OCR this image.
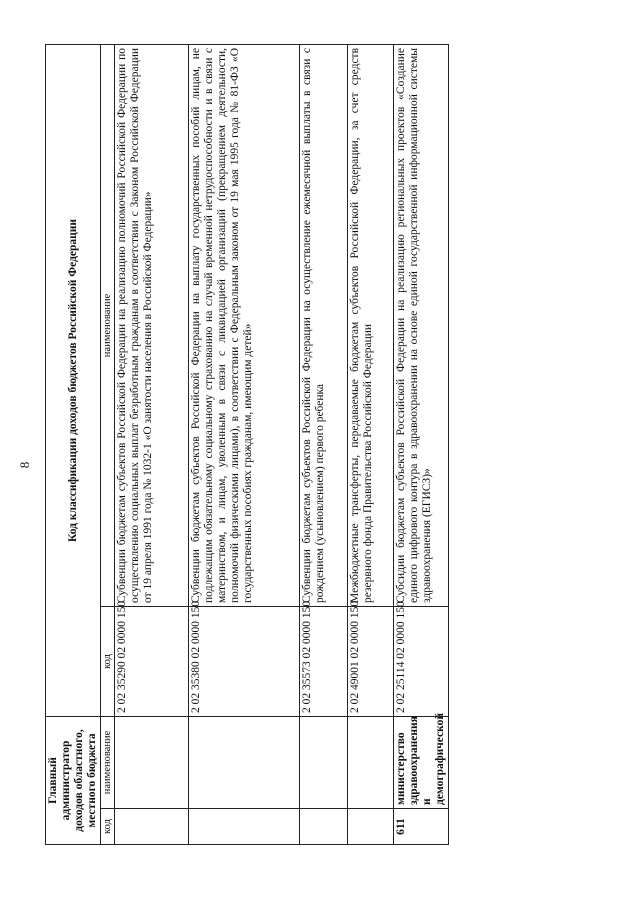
8
Главный администратор доходов областного, местного бюджета		Код классификации доходов бюджетов Российской Федерации	
код	наименование	код	наименование
		2 02 35290 02 0000 150	Субвенции бюджетам субъектов Российской Федерации на реализацию полномочий Российской Федерации по осуществлению социальных выплат безработным гражданам в соответствии с Законом Российской Федерации от 19 апреля 1991 года № 1032-1 «О занятости населения в Российской Федерации»
		2 02 35380 02 0000 150	Субвенции бюджетам субъектов Российской Федерации на выплату государственных пособий лицам, не подлежащим обязательному социальному страхованию на случай временной нетрудоспособности и в связи с материнством, и лицам, уволенным в связи с ликвидацией организаций (прекращением деятельности, полномочий физическими лицами), в соответствии с Федеральным законом от 19 мая 1995 года № 81-ФЗ «О государственных пособиях гражданам, имеющим детей»
		2 02 35573 02 0000 150	Субвенции бюджетам субъектов Российской Федерации на осуществление ежемесячной выплаты в связи с рождением (усыновлением) первого ребенка
		2 02 49001 02 0000 150	Межбюджетные трансферты, передаваемые бюджетам субъектов Российской Федерации, за счет средств резервного фонда Правительства Российской Федерации
611	министерство здравоохранения и демографической	2 02 25114 02 0000 150	Субсидии бюджетам субъектов Российской Федерации на реализацию региональных проектов «Создание единого цифрового контура в здравоохранении на основе единой государственной информационной системы здравоохранения (ЕГИСЗ)»
